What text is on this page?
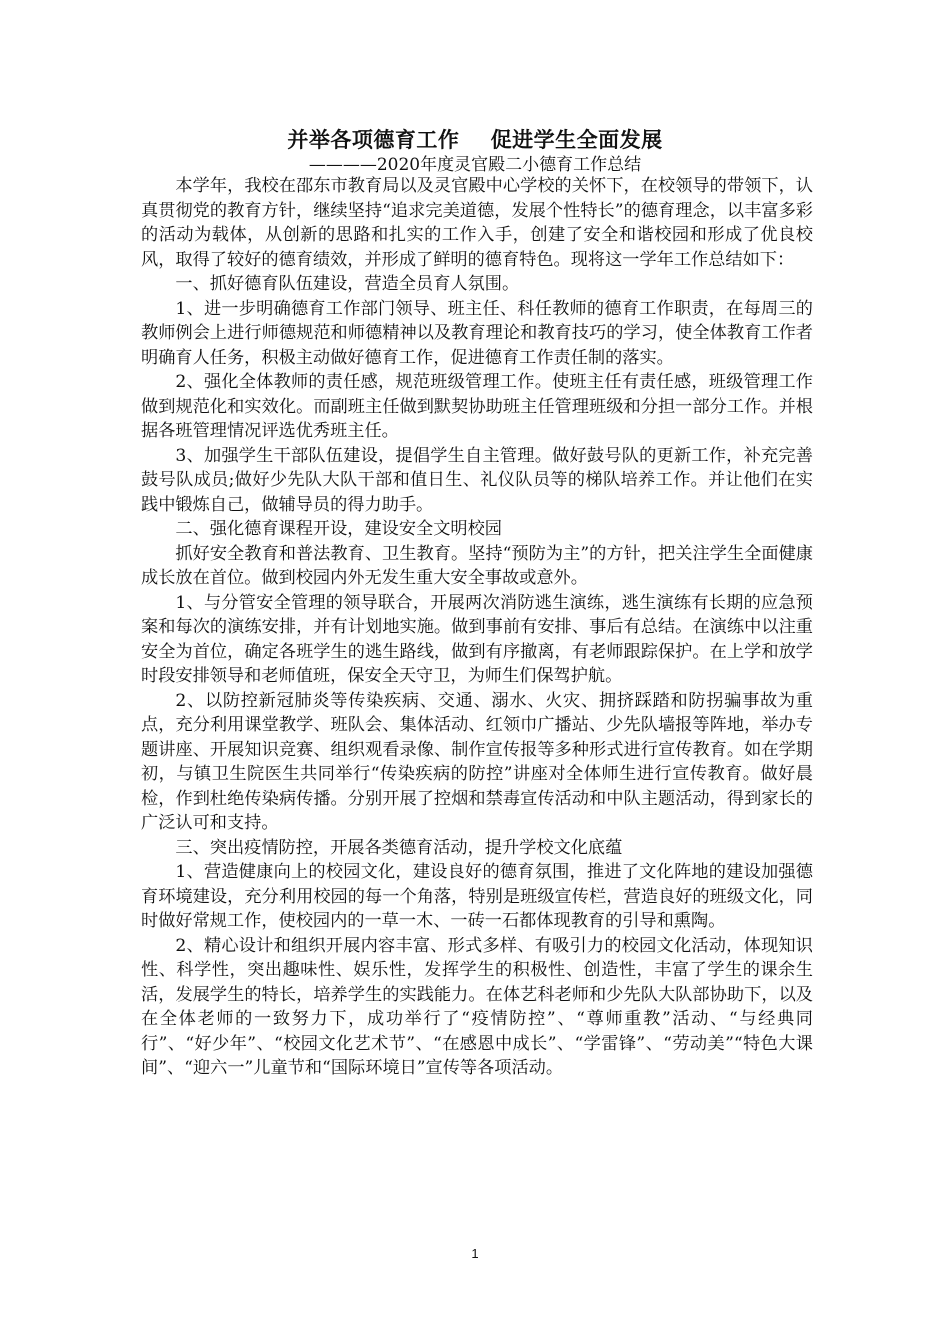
并举各项德育工作    促进学生全面发展
————2020年度灵官殿二小德育工作总结

本学年，我校在邵东市教育局以及灵官殿中心学校的关怀下，在校领导的带领下，认真贯彻党的教育方针，继续坚持“追求完美道德，发展个性特长”的德育理念，以丰富多彩的活动为载体，从创新的思路和扎实的工作入手，创建了安全和谐校园和形成了优良校风，取得了较好的德育绩效，并形成了鲜明的德育特色。现将这一学年工作总结如下：

一、抓好德育队伍建设，营造全员育人氛围。

1、进一步明确德育工作部门领导、班主任、科任教师的德育工作职责，在每周三的教师例会上进行师德规范和师德精神以及教育理论和教育技巧的学习，使全体教育工作者明确育人任务，积极主动做好德育工作，促进德育工作责任制的落实。

2、强化全体教师的责任感，规范班级管理工作。使班主任有责任感，班级管理工作做到规范化和实效化。而副班主任做到默契协助班主任管理班级和分担一部分工作。并根据各班管理情况评选优秀班主任。

3、加强学生干部队伍建设，提倡学生自主管理。做好鼓号队的更新工作，补充完善鼓号队成员;做好少先队大队干部和值日生、礼仪队员等的梯队培养工作。并让他们在实践中锻炼自己，做辅导员的得力助手。

二、强化德育课程开设，建设安全文明校园

抓好安全教育和普法教育、卫生教育。坚持“预防为主”的方针，把关注学生全面健康成长放在首位。做到校园内外无发生重大安全事故或意外。

1、与分管安全管理的领导联合，开展两次消防逃生演练，逃生演练有长期的应急预案和每次的演练安排，并有计划地实施。做到事前有安排、事后有总结。在演练中以注重安全为首位，确定各班学生的逃生路线，做到有序撤离，有老师跟踪保护。在上学和放学时段安排领导和老师值班，保安全天守卫，为师生们保驾护航。

2、以防控新冠肺炎等传染疾病、交通、溺水、火灾、拥挤踩踏和防拐骗事故为重点，充分利用课堂教学、班队会、集体活动、红领巾广播站、少先队墙报等阵地，举办专题讲座、开展知识竞赛、组织观看录像、制作宣传报等多种形式进行宣传教育。如在学期初，与镇卫生院医生共同举行“传染疾病的防控”讲座对全体师生进行宣传教育。做好晨检，作到杜绝传染病传播。分别开展了控烟和禁毒宣传活动和中队主题活动，得到家长的广泛认可和支持。

三、突出疫情防控，开展各类德育活动，提升学校文化底蕴

1、营造健康向上的校园文化，建设良好的德育氛围，推进了文化阵地的建设加强德育环境建设，充分利用校园的每一个角落，特别是班级宣传栏，营造良好的班级文化，同时做好常规工作，使校园内的一草一木、一砖一石都体现教育的引导和熏陶。

2、精心设计和组织开展内容丰富、形式多样、有吸引力的校园文化活动，体现知识性、科学性，突出趣味性、娱乐性，发挥学生的积极性、创造性，丰富了学生的课余生活，发展学生的特长，培养学生的实践能力。在体艺科老师和少先队大队部协助下，以及在全体老师的一致努力下，成功举行了“疫情防控”、“尊师重教”活动、“与经典同行”、“好少年”、“校园文化艺术节”、“在感恩中成长”、“学雷锋”、“劳动美”“特色大课间”、“迎六一”儿童节和“国际环境日”宣传等各项活动。

1
